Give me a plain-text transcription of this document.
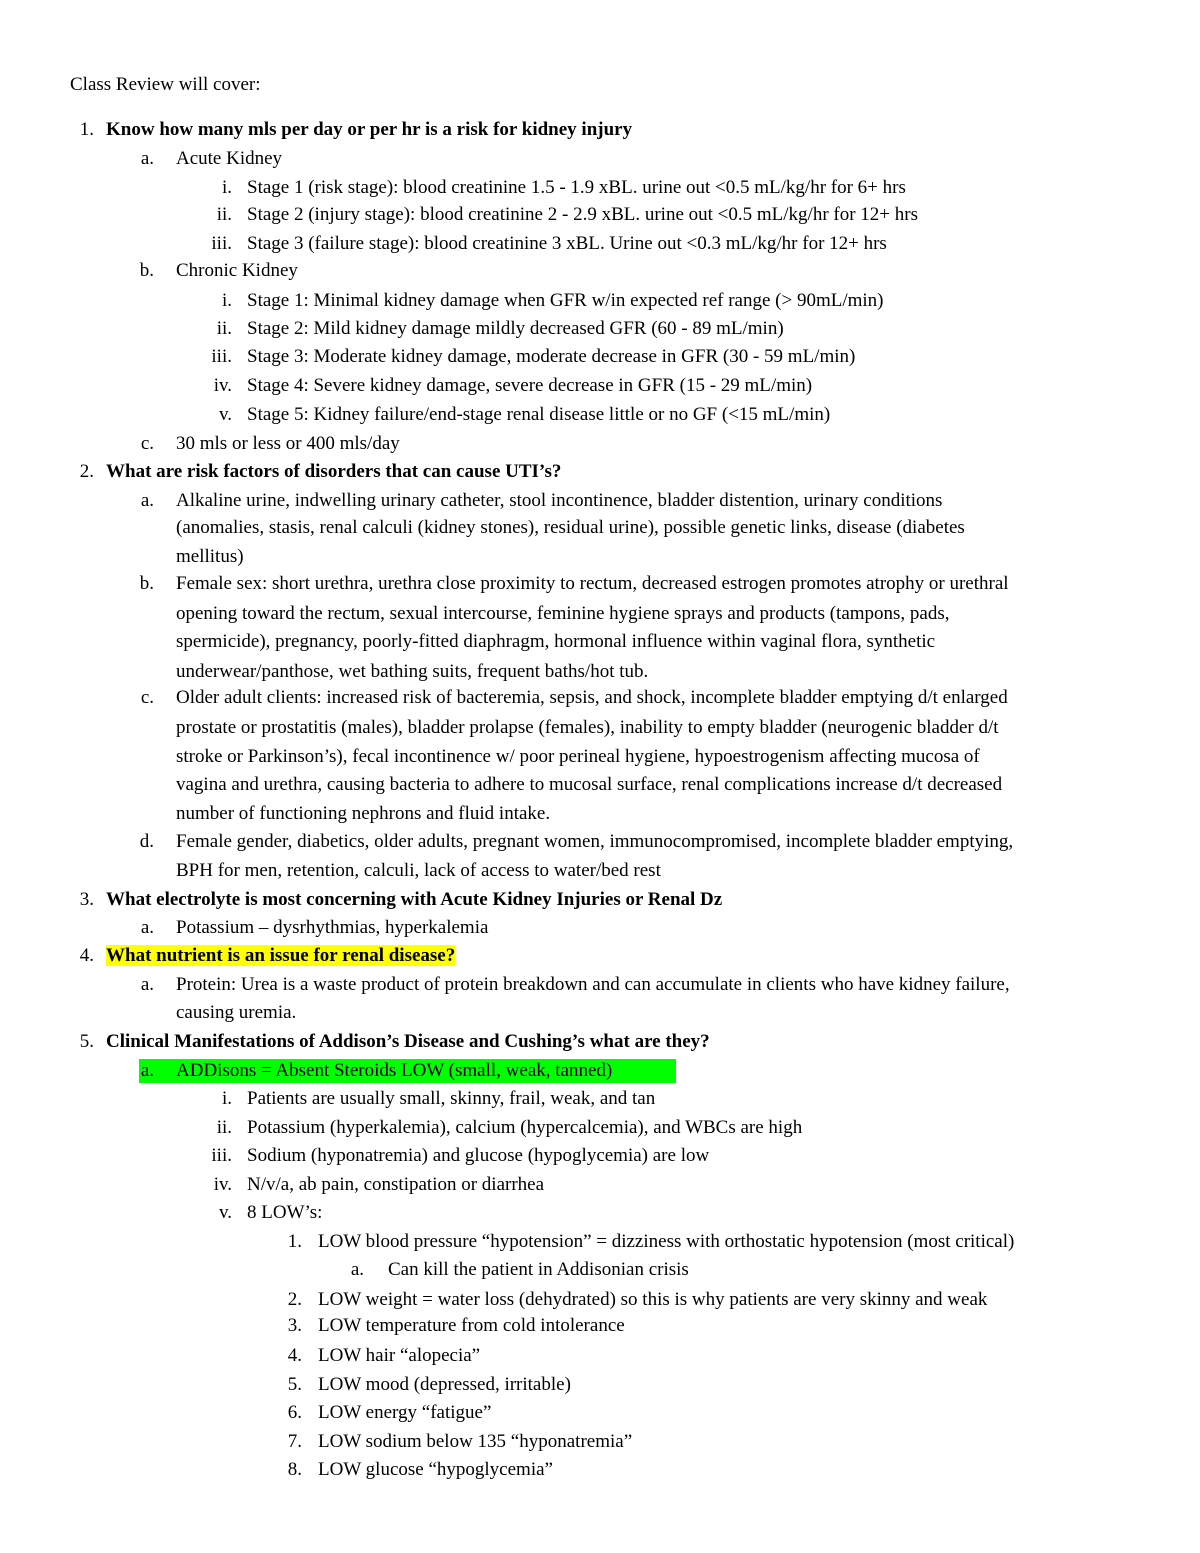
Class Review will cover:
1. Know how many mls per day or per hr is a risk for kidney injury
a. Acute Kidney
i. Stage 1 (risk stage): blood creatinine 1.5 - 1.9 xBL. urine out <0.5 mL/kg/hr for 6+ hrs
ii. Stage 2 (injury stage): blood creatinine 2 - 2.9 xBL. urine out <0.5 mL/kg/hr for 12+ hrs
iii. Stage 3 (failure stage): blood creatinine 3 xBL. Urine out <0.3 mL/kg/hr for 12+ hrs
b. Chronic Kidney
i. Stage 1: Minimal kidney damage when GFR w/in expected ref range (> 90mL/min)
ii. Stage 2: Mild kidney damage mildly decreased GFR (60 - 89 mL/min)
iii. Stage 3: Moderate kidney damage, moderate decrease in GFR (30 - 59 mL/min)
iv. Stage 4: Severe kidney damage, severe decrease in GFR (15 - 29 mL/min)
v. Stage 5: Kidney failure/end-stage renal disease little or no GF (<15 mL/min)
c. 30 mls or less or 400 mls/day
2. What are risk factors of disorders that can cause UTI’s?
a. Alkaline urine, indwelling urinary catheter, stool incontinence, bladder distention, urinary conditions
(anomalies, stasis, renal calculi (kidney stones), residual urine), possible genetic links, disease (diabetes
mellitus)
b. Female sex: short urethra, urethra close proximity to rectum, decreased estrogen promotes atrophy or urethral
opening toward the rectum, sexual intercourse, feminine hygiene sprays and products (tampons, pads,
spermicide), pregnancy, poorly-fitted diaphragm, hormonal influence within vaginal flora, synthetic
underwear/panthose, wet bathing suits, frequent baths/hot tub.
c. Older adult clients: increased risk of bacteremia, sepsis, and shock, incomplete bladder emptying d/t enlarged
prostate or prostatitis (males), bladder prolapse (females), inability to empty bladder (neurogenic bladder d/t
stroke or Parkinson’s), fecal incontinence w/ poor perineal hygiene, hypoestrogenism affecting mucosa of
vagina and urethra, causing bacteria to adhere to mucosal surface, renal complications increase d/t decreased
number of functioning nephrons and fluid intake.
d. Female gender, diabetics, older adults, pregnant women, immunocompromised, incomplete bladder emptying,
BPH for men, retention, calculi, lack of access to water/bed rest
3. What electrolyte is most concerning with Acute Kidney Injuries or Renal Dz
a. Potassium – dysrhythmias, hyperkalemia
4. What nutrient is an issue for renal disease?
a. Protein: Urea is a waste product of protein breakdown and can accumulate in clients who have kidney failure,
causing uremia.
5. Clinical Manifestations of Addison’s Disease and Cushing’s what are they?
a. ADDisons = Absent Steroids LOW (small, weak, tanned)
i. Patients are usually small, skinny, frail, weak, and tan
ii. Potassium (hyperkalemia), calcium (hypercalcemia), and WBCs are high
iii. Sodium (hyponatremia) and glucose (hypoglycemia) are low
iv. N/v/a, ab pain, constipation or diarrhea
v. 8 LOW’s:
1. LOW blood pressure “hypotension” = dizziness with orthostatic hypotension (most critical)
a. Can kill the patient in Addisonian crisis
2. LOW weight = water loss (dehydrated) so this is why patients are very skinny and weak
3. LOW temperature from cold intolerance
4. LOW hair “alopecia”
5. LOW mood (depressed, irritable)
6. LOW energy “fatigue”
7. LOW sodium below 135 “hyponatremia”
8. LOW glucose “hypoglycemia”
